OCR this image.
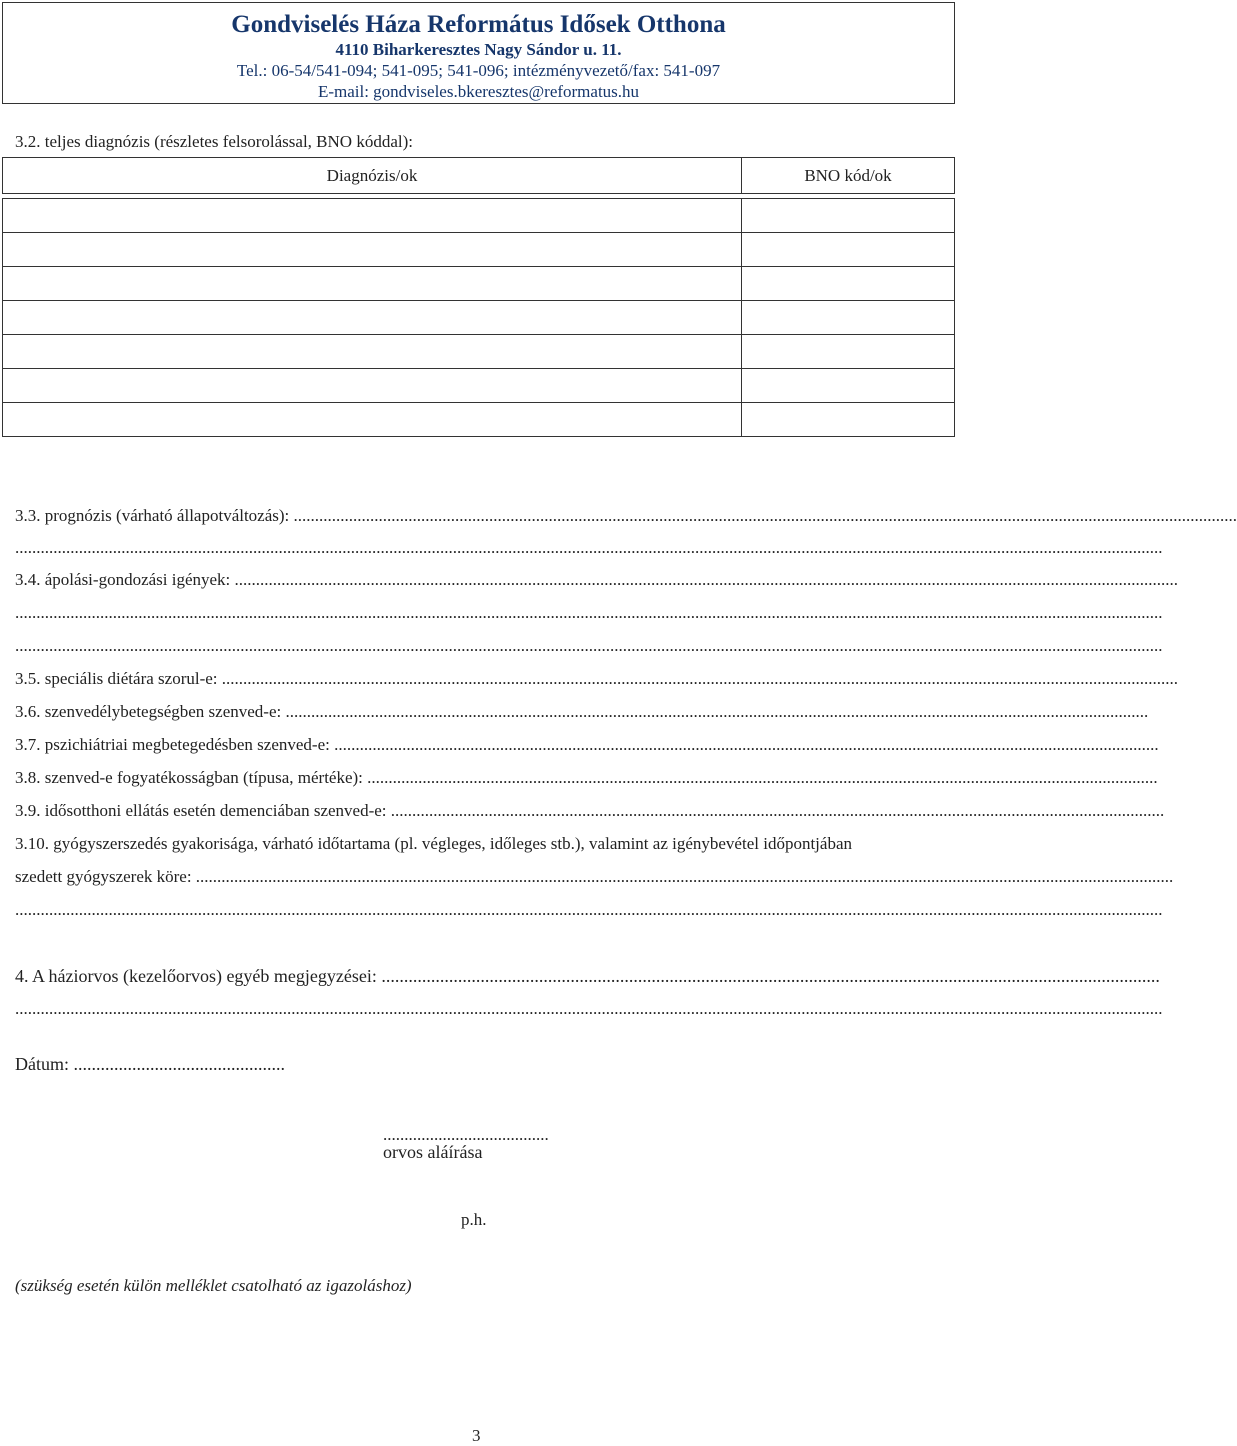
Gondviselés Háza Református Idősek Otthona
4110 Biharkeresztes Nagy Sándor u. 11.
Tel.: 06-54/541-094; 541-095; 541-096; intézményvezető/fax: 541-097
E-mail: gondviseles.bkeresztes@reformatus.hu
3.2. teljes diagnózis (részletes felsorolással, BNO kóddal):
Diagnózis/ok	BNO kód/ok

3.3. prognózis (várható állapotváltozás): ..............................................................................................................................................................................................................................
..............................................................................................................................................................................................................................................................................
3.4. ápolási-gondozási igények: ..............................................................................................................................................................................................................................
..............................................................................................................................................................................................................................................................................
..............................................................................................................................................................................................................................................................................
3.5. speciális diétára szorul-e: .................................................................................................................................................................................................................................
3.6. szenvedélybetegségben szenved-e: ...........................................................................................................................................................................................................
3.7. pszichiátriai megbetegedésben szenved-e: ..................................................................................................................................................................................................
3.8. szenved-e fogyatékosságban (típusa, mértéke): ..........................................................................................................................................................................................
3.9. idősotthoni ellátás esetén demenciában szenved-e: ......................................................................................................................................................................................
3.10. gyógyszerszedés gyakorisága, várható időtartama (pl. végleges, időleges stb.), valamint az igénybevétel időpontjában
szedett gyógyszerek köre: ......................................................................................................................................................................................................................................
..............................................................................................................................................................................................................................................................................
4. A háziorvos (kezelőorvos) egyéb megjegyzései: .............................................................................................................................................................................
..............................................................................................................................................................................................................................................................................
Dátum: ...............................................
.......................................
orvos aláírása
p.h.
(szükség esetén külön melléklet csatolható az igazoláshoz)
3
